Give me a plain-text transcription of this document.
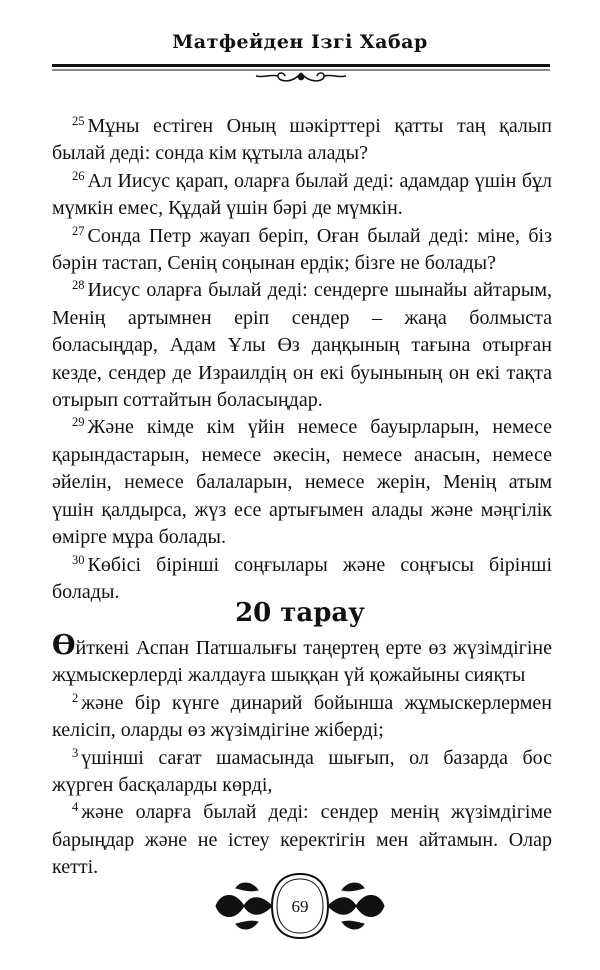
Матфейден Ізгі Хабар

$^{25}$ Мұны естіген Оның шәкірттері қатты таң қалып былай деді: сонда кім құтыла алады?

$^{26}$ Ал Иисус қарап, оларға былай деді: адамдар үшін бұл мүмкін емес, Құдай үшін бәрі де мүмкін.

$^{27}$ Сонда Петр жауап беріп, Оған былай деді: міне, біз бәрін тастап, Сенің соңынан ердік; бізге не болады?

$^{28}$ Иисус оларға былай деді: сендерге шынайы айтарым, Менің артымнен еріп сендер – жаңа болмыста боласыңдар, Адам Ұлы Өз даңқының тағына отырған кезде, сендер де Израилдің он екі буынының он екі тақта отырып соттайтын боласыңдар.

$^{29}$ Және кімде кім үйін немесе бауырларын, немесе қарындастарын, немесе әкесін, немесе анасын, немесе әйелін, немесе балаларын, немесе жерін, Менің атым үшін қалдырса, жүз есе артығымен алады және мәңгілік өмірге мұра болады.

$^{30}$ Көбісі бірінші соңғылары және соңғысы бірінші болады.

20 тарау

Өйткені Аспан Патшалығы таңертең ерте өз жүзімдігіне жұмыскерлерді жалдауға шыққан үй қожайыны сияқты

$^2$ және бір күнге динарий бойынша жұмыскерлермен келісіп, оларды өз жүзімдігіне жіберді;

$^3$ үшінші сағат шамасында шығып, ол базарда бос жүрген басқаларды көрді,

$^4$ және оларға былай деді: сендер менің жүзімдігіме барыңдар және не істеу керектігін мен айтамын. Олар кетті.

69
